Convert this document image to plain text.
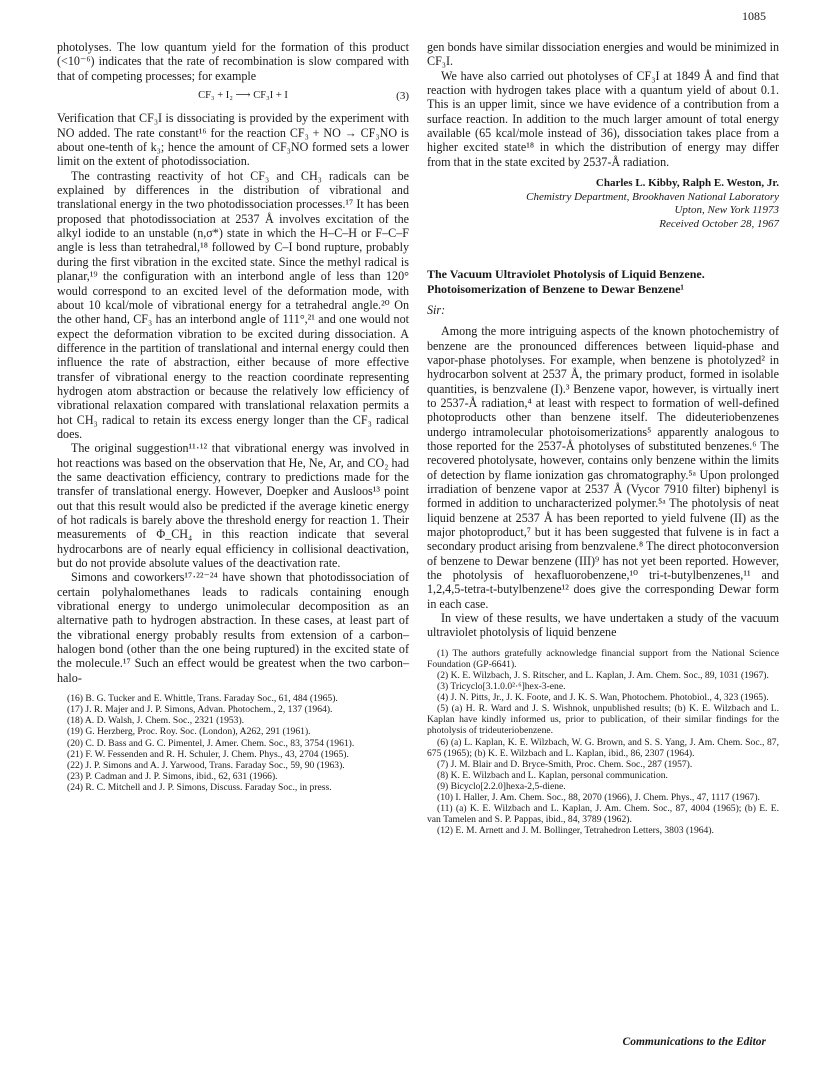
1085

photolyses. The low quantum yield for the formation of this product (<10⁻⁶) indicates that the rate of recombination is slow compared with that of competing processes; for example

CF₃ + I₂ ⟶ CF₃I + I	(3)

Verification that CF₃I is dissociating is provided by the experiment with NO added. The rate constant¹⁶ for the reaction CF₃ + NO → CF₃NO is about one-tenth of k₃; hence the amount of CF₃NO formed sets a lower limit on the extent of photodissociation.

The contrasting reactivity of hot CF₃ and CH₃ radicals can be explained by differences in the distribution of vibrational and translational energy in the two photodissociation processes.¹⁷ It has been proposed that photodissociation at 2537 Å involves excitation of the alkyl iodide to an unstable (n,σ*) state in which the H–C–H or F–C–F angle is less than tetrahedral,¹⁸ followed by C–I bond rupture, probably during the first vibration in the excited state. Since the methyl radical is planar,¹⁹ the configuration with an interbond angle of less than 120° would correspond to an excited level of the deformation mode, with about 10 kcal/mole of vibrational energy for a tetrahedral angle.²⁰ On the other hand, CF₃ has an interbond angle of 111°,²¹ and one would not expect the deformation vibration to be excited during dissociation. A difference in the partition of translational and internal energy could then influence the rate of abstraction, either because of more effective transfer of vibrational energy to the reaction coordinate representing hydrogen atom abstraction or because the relatively low efficiency of vibrational relaxation compared with translational relaxation permits a hot CH₃ radical to retain its excess energy longer than the CF₃ radical does.

The original suggestion¹¹·¹² that vibrational energy was involved in hot reactions was based on the observation that He, Ne, Ar, and CO₂ had the same deactivation efficiency, contrary to predictions made for the transfer of translational energy. However, Doepker and Ausloos¹³ point out that this result would also be predicted if the average kinetic energy of hot radicals is barely above the threshold energy for reaction 1. Their measurements of Φ_CH₄ in this reaction indicate that several hydrocarbons are of nearly equal efficiency in collisional deactivation, but do not provide absolute values of the deactivation rate.

Simons and coworkers¹⁷·²²⁻²⁴ have shown that photodissociation of certain polyhalomethanes leads to radicals containing enough vibrational energy to undergo unimolecular decomposition as an alternative path to hydrogen abstraction. In these cases, at least part of the vibrational energy probably results from extension of a carbon–halogen bond (other than the one being ruptured) in the excited state of the molecule.¹⁷ Such an effect would be greatest when the two carbon–halo-

(16) B. G. Tucker and E. Whittle, Trans. Faraday Soc., 61, 484 (1965).

(17) J. R. Majer and J. P. Simons, Advan. Photochem., 2, 137 (1964).

(18) A. D. Walsh, J. Chem. Soc., 2321 (1953).

(19) G. Herzberg, Proc. Roy. Soc. (London), A262, 291 (1961).

(20) C. D. Bass and G. C. Pimentel, J. Amer. Chem. Soc., 83, 3754 (1961).

(21) F. W. Fessenden and R. H. Schuler, J. Chem. Phys., 43, 2704 (1965).

(22) J. P. Simons and A. J. Yarwood, Trans. Faraday Soc., 59, 90 (1963).

(23) P. Cadman and J. P. Simons, ibid., 62, 631 (1966).

(24) R. C. Mitchell and J. P. Simons, Discuss. Faraday Soc., in press.

gen bonds have similar dissociation energies and would be minimized in CF₃I.

We have also carried out photolyses of CF₃I at 1849 Å and find that reaction with hydrogen takes place with a quantum yield of about 0.1. This is an upper limit, since we have evidence of a contribution from a surface reaction. In addition to the much larger amount of total energy available (65 kcal/mole instead of 36), dissociation takes place from a higher excited state¹⁸ in which the distribution of energy may differ from that in the state excited by 2537-Å radiation.

Charles L. Kibby, Ralph E. Weston, Jr.
Chemistry Department, Brookhaven National Laboratory
Upton, New York 11973
Received October 28, 1967
The Vacuum Ultraviolet Photolysis of Liquid Benzene. Photoisomerization of Benzene to Dewar Benzene¹

Sir:

Among the more intriguing aspects of the known photochemistry of benzene are the pronounced differences between liquid-phase and vapor-phase photolyses. For example, when benzene is photolyzed² in hydrocarbon solvent at 2537 Å, the primary product, formed in isolable quantities, is benzvalene (I).³ Benzene vapor, however, is virtually inert to 2537-Å radiation,⁴ at least with respect to formation of well-defined photoproducts other than benzene itself. The dideuteriobenzenes undergo intramolecular photoisomerizations⁵ apparently analogous to those reported for the 2537-Å photolyses of substituted benzenes.⁶ The recovered photolysate, however, contains only benzene within the limits of detection by flame ionization gas chromatography.⁵ᵃ Upon prolonged irradiation of benzene vapor at 2537 Å (Vycor 7910 filter) biphenyl is formed in addition to uncharacterized polymer.⁵ᵃ The photolysis of neat liquid benzene at 2537 Å has been reported to yield fulvene (II) as the major photoproduct,⁷ but it has been suggested that fulvene is in fact a secondary product arising from benzvalene.⁸ The direct photoconversion of benzene to Dewar benzene (III)⁹ has not yet been reported. However, the photolysis of hexafluorobenzene,¹⁰ tri-t-butylbenzenes,¹¹ and 1,2,4,5-tetra-t-butylbenzene¹² does give the corresponding Dewar form in each case.

In view of these results, we have undertaken a study of the vacuum ultraviolet photolysis of liquid benzene

(1) The authors gratefully acknowledge financial support from the National Science Foundation (GP-6641).

(2) K. E. Wilzbach, J. S. Ritscher, and L. Kaplan, J. Am. Chem. Soc., 89, 1031 (1967).

(3) Tricyclo[3.1.0.0²·⁶]hex-3-ene.

(4) J. N. Pitts, Jr., J. K. Foote, and J. K. S. Wan, Photochem. Photobiol., 4, 323 (1965).

(5) (a) H. R. Ward and J. S. Wishnok, unpublished results; (b) K. E. Wilzbach and L. Kaplan have kindly informed us, prior to publication, of their similar findings for the photolysis of trideuteriobenzene.

(6) (a) L. Kaplan, K. E. Wilzbach, W. G. Brown, and S. S. Yang, J. Am. Chem. Soc., 87, 675 (1965); (b) K. E. Wilzbach and L. Kaplan, ibid., 86, 2307 (1964).

(7) J. M. Blair and D. Bryce-Smith, Proc. Chem. Soc., 287 (1957).

(8) K. E. Wilzbach and L. Kaplan, personal communication.

(9) Bicyclo[2.2.0]hexa-2,5-diene.

(10) I. Haller, J. Am. Chem. Soc., 88, 2070 (1966), J. Chem. Phys., 47, 1117 (1967).

(11) (a) K. E. Wilzbach and L. Kaplan, J. Am. Chem. Soc., 87, 4004 (1965); (b) E. E. van Tamelen and S. P. Pappas, ibid., 84, 3789 (1962).

(12) E. M. Arnett and J. M. Bollinger, Tetrahedron Letters, 3803 (1964).

Communications to the Editor
